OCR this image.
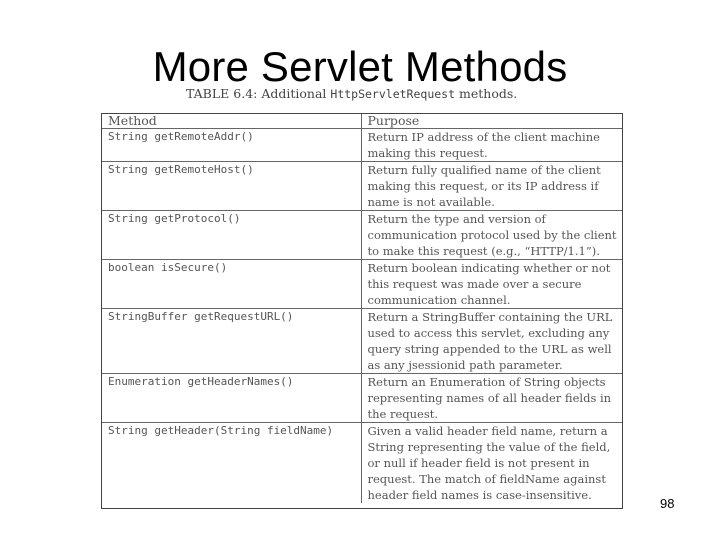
More Servlet Methods
TABLE 6.4: Additional HttpServletRequest methods.
Method	Purpose
String getRemoteAddr()	Return IP address of the client machine making this request.
String getRemoteHost()	Return fully qualified name of the client making this request, or its IP address if name is not available.
String getProtocol()	Return the type and version of communication protocol used by the client to make this request (e.g., “HTTP/1.1”).
boolean isSecure()	Return boolean indicating whether or not this request was made over a secure communication channel.
StringBuffer getRequestURL()	Return a StringBuffer containing the URL used to access this servlet, excluding any query string appended to the URL as well as any jsessionid path parameter.
Enumeration getHeaderNames()	Return an Enumeration of String objects representing names of all header fields in the request.
String getHeader(String fieldName)	Given a valid header field name, return a String representing the value of the field, or null if header field is not present in request. The match of fieldName against header field names is case-insensitive.
98
